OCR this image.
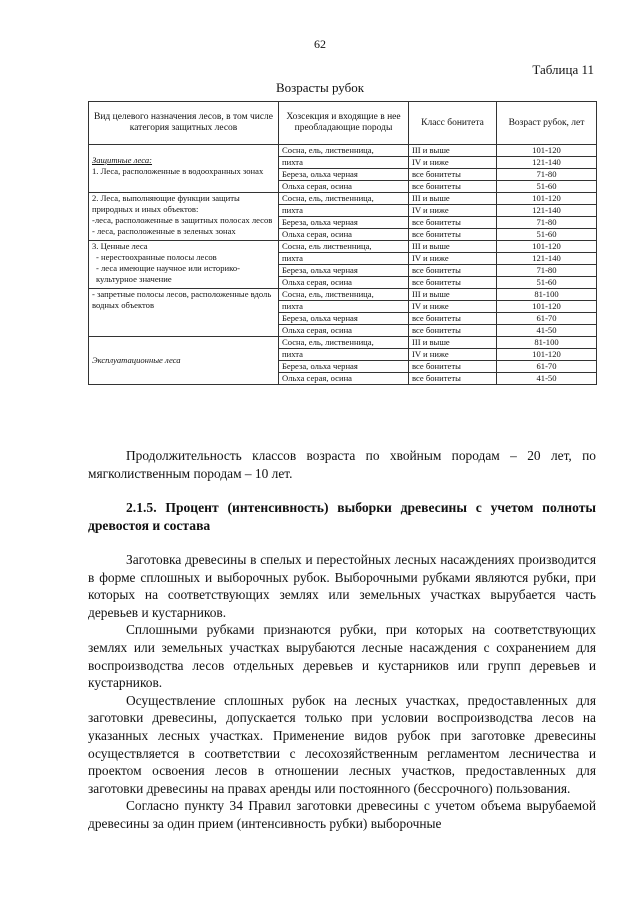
62
Таблица 11
Возрасты рубок
Вид целевого назначения лесов, в том числе категория защитных лесов	Хозсекция и входящие в нее преобладающие породы	Класс бонитета	Возраст рубок, лет

Защитные леса:
1. Леса, расположенные в водоохранных зонах	Сосна, ель, лиственница,	III и выше	101-120
	пихта	IV и ниже	121-140
	Береза, ольха черная	все бонитеты	71-80
	Ольха серая, осина	все бонитеты	51-60

2. Леса, выполняющие функции защиты природных и иных объектов:
-леса, расположенные в защитных полосах лесов
- леса, расположенные в зеленых зонах	Сосна, ель, лиственница,	III и выше	101-120
	пихта	IV и ниже	121-140
	Береза, ольха черная	все бонитеты	71-80
	Ольха серая, осина	все бонитеты	51-60

3. Ценные леса
- нерестоохранные полосы лесов
- леса имеющие научное или историко-культурное значение	Сосна, ель лиственница,	III и выше	101-120
	пихта	IV и ниже	121-140
	Береза, ольха черная	все бонитеты	71-80
	Ольха серая, осина	все бонитеты	51-60

- запретные полосы лесов, расположенные вдоль водных объектов	Сосна, ель, лиственница,	III и выше	81-100
	пихта	IV и ниже	101-120
	Береза, ольха черная	все бонитеты	61-70
	Ольха серая, осина	все бонитеты	41-50

Эксплуатационные леса	Сосна, ель, лиственница,	III и выше	81-100
	пихта	IV и ниже	101-120
	Береза, ольха черная	все бонитеты	61-70
	Ольха серая, осина	все бонитеты	41-50

Продолжительность классов возраста по хвойным породам – 20 лет, по мягколиственным породам – 10 лет.

2.1.5. Процент (интенсивность) выборки древесины с учетом полноты древостоя и состава

Заготовка древесины в спелых и перестойных лесных насаждениях производится в форме сплошных и выборочных рубок. Выборочными рубками являются рубки, при которых на соответствующих землях или земельных участках вырубается часть деревьев и кустарников.

Сплошными рубками признаются рубки, при которых на соответствующих землях или земельных участках вырубаются лесные насаждения с сохранением для воспроизводства лесов отдельных деревьев и кустарников или групп деревьев и кустарников.

Осуществление сплошных рубок на лесных участках, предоставленных для заготовки древесины, допускается только при условии воспроизводства лесов на указанных лесных участках. Применение видов рубок при заготовке древесины осуществляется в соответствии с лесохозяйственным регламентом лесничества и проектом освоения лесов в отношении лесных участков, предоставленных для заготовки древесины на правах аренды или постоянного (бессрочного) пользования.

Согласно пункту 34 Правил заготовки древесины с учетом объема вырубаемой древесины за один прием (интенсивность рубки) выборочные
